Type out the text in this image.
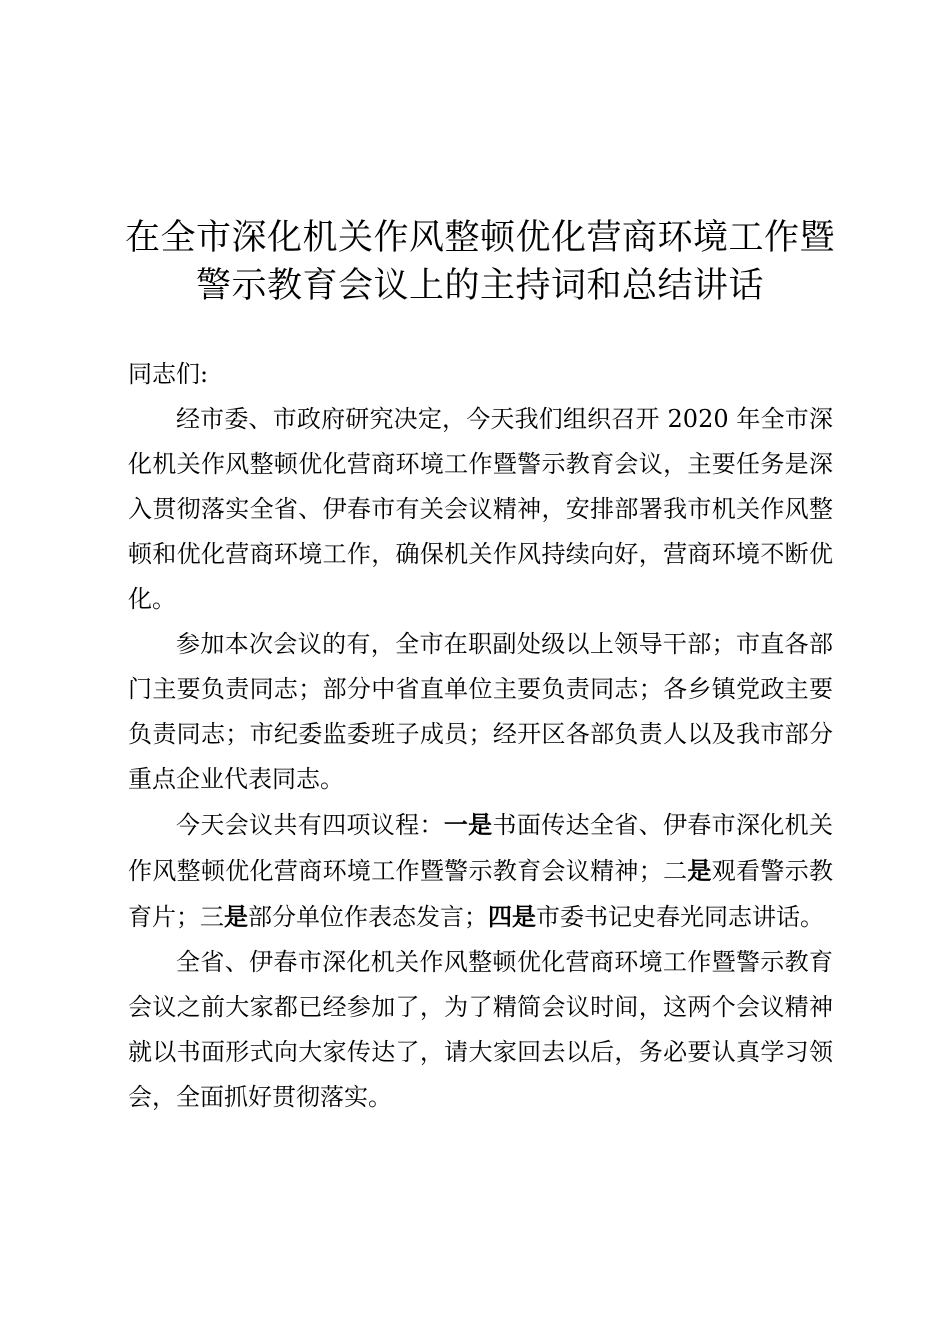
在全市深化机关作风整顿优化营商环境工作暨
警示教育会议上的主持词和总结讲话

同志们:

经市委、市政府研究决定，今天我们组织召开 2020 年全市深化机关作风整顿优化营商环境工作暨警示教育会议，主要任务是深入贯彻落实全省、伊春市有关会议精神，安排部署我市机关作风整顿和优化营商环境工作，确保机关作风持续向好，营商环境不断优化。

参加本次会议的有，全市在职副处级以上领导干部；市直各部门主要负责同志；部分中省直单位主要负责同志；各乡镇党政主要负责同志；市纪委监委班子成员；经开区各部负责人以及我市部分重点企业代表同志。

今天会议共有四项议程：一是书面传达全省、伊春市深化机关作风整顿优化营商环境工作暨警示教育会议精神；二是观看警示教育片；三是部分单位作表态发言；四是市委书记史春光同志讲话。

全省、伊春市深化机关作风整顿优化营商环境工作暨警示教育会议之前大家都已经参加了，为了精简会议时间，这两个会议精神就以书面形式向大家传达了，请大家回去以后，务必要认真学习领会，全面抓好贯彻落实。
